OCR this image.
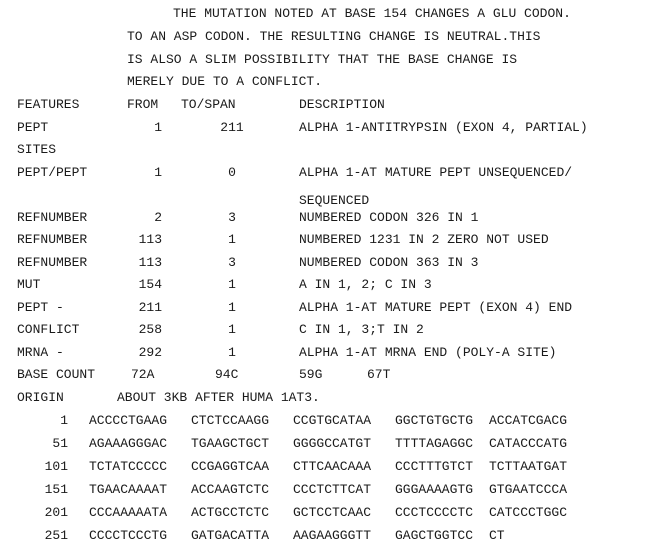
THE MUTATION NOTED AT BASE 154 CHANGES A GLU CODON.
TO AN ASP CODON. THE RESULTING CHANGE IS NEUTRAL.THIS
IS ALSO A SLIM POSSIBILITY THAT THE BASE CHANGE IS
MERELY DUE TO A CONFLICT.
FEATURES	FROM TO/SPAN	DESCRIPTION
PEPT	1	211	ALPHA 1-ANTITRYPSIN (EXON 4, PARTIAL)
SITES
PEPT/PEPT	1	0	ALPHA 1-AT MATURE PEPT UNSEQUENCED/
SEQUENCED
REFNUMBER	2	3	NUMBERED CODON 326 IN 1
REFNUMBER	113	1	NUMBERED 1231 IN 2 ZERO NOT USED
REFNUMBER	113	3	NUMBERED CODON 363 IN 3
MUT	154	1	A IN 1, 2; C IN 3
PEPT -	211	1	ALPHA 1-AT MATURE PEPT (EXON 4) END
CONFLICT	258	1	C IN 1, 3;T IN 2
MRNA -	292	1	ALPHA 1-AT MRNA END (POLY-A SITE)
BASE COUNT	72A	94C	59G	67T
ORIGIN	ABOUT 3KB AFTER HUMA 1AT3.
1 ACCCCTGAAG CTCTCCAAGG CCGTGCATAA GGCTGTGCTG ACCATCGACG
51 AGAAAGGGAC TGAAGCTGCT GGGGCCATGT TTTTAGAGGC CATACCCATG
101 TCTATCCCCC CCGAGGTCAA CTTCAACAAA CCCTTTGTCT TCTTAATGAT
151 TGAACAAAAT ACCAAGTCTC CCCTCTTCAT GGGAAAAGTG GTGAATCCCA
201 CCCAAAAATA ACTGCCTCTC GCTCCTCAAC CCCTCCCCTC CATCCCTGGC
251 CCCCTCCCTG GATGACATTA AAGAAGGGTT GAGCTGGTCC CT
